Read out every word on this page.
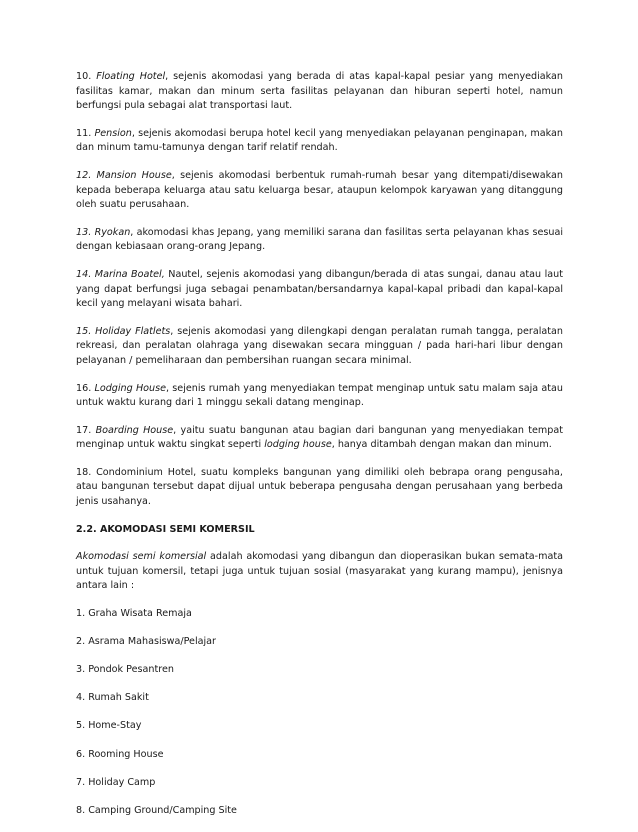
10. Floating Hotel, sejenis akomodasi yang berada di atas kapal-kapal pesiar yang menyediakan fasilitas kamar, makan dan minum serta fasilitas pelayanan dan hiburan seperti hotel, namun berfungsi pula sebagai alat transportasi laut.

11. Pension, sejenis akomodasi berupa hotel kecil yang menyediakan pelayanan penginapan, makan dan minum tamu-tamunya dengan tarif relatif rendah.

12. Mansion House, sejenis akomodasi berbentuk rumah-rumah besar yang ditempati/disewakan kepada beberapa keluarga atau satu keluarga besar, ataupun kelompok karyawan yang ditanggung oleh suatu perusahaan.

13. Ryokan, akomodasi khas Jepang, yang memiliki sarana dan fasilitas serta pelayanan khas sesuai dengan kebiasaan orang-orang Jepang.

14. Marina Boatel, Nautel, sejenis akomodasi yang dibangun/berada di atas sungai, danau atau laut yang dapat berfungsi juga sebagai penambatan/bersandarnya kapal-kapal pribadi dan kapal-kapal kecil yang melayani wisata bahari.

15. Holiday Flatlets, sejenis akomodasi yang dilengkapi dengan peralatan rumah tangga, peralatan rekreasi, dan peralatan olahraga yang disewakan secara mingguan / pada hari-hari libur dengan pelayanan / pemeliharaan dan pembersihan ruangan secara minimal.

16. Lodging House, sejenis rumah yang menyediakan tempat menginap untuk satu malam saja atau untuk waktu kurang dari 1 minggu sekali datang menginap.

17. Boarding House, yaitu suatu bangunan atau bagian dari bangunan yang menyediakan tempat menginap untuk waktu singkat seperti lodging house, hanya ditambah dengan makan dan minum.

18. Condominium Hotel, suatu kompleks bangunan yang dimiliki oleh bebrapa orang pengusaha, atau bangunan tersebut dapat dijual untuk beberapa pengusaha dengan perusahaan yang berbeda jenis usahanya.

2.2. AKOMODASI SEMI KOMERSIL

Akomodasi semi komersial adalah akomodasi yang dibangun dan dioperasikan bukan semata-mata untuk tujuan komersil, tetapi juga untuk tujuan sosial (masyarakat yang kurang mampu), jenisnya antara lain :

1. Graha Wisata Remaja

2. Asrama Mahasiswa/Pelajar

3. Pondok Pesantren

4. Rumah Sakit

5. Home-Stay

6. Rooming House

7. Holiday Camp

8. Camping Ground/Camping Site
